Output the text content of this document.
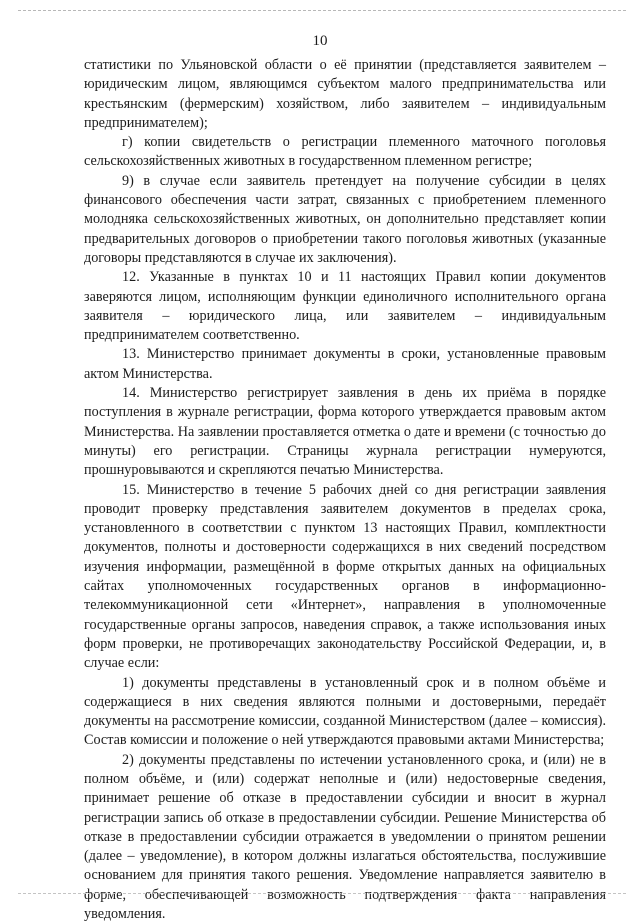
10

статистики по Ульяновской области о её принятии (представляется заявителем – юридическим лицом, являющимся субъектом малого предпринимательства или крестьянским (фермерским) хозяйством, либо заявителем – индивидуальным предпринимателем);

г) копии свидетельств о регистрации племенного маточного поголовья сельскохозяйственных животных в государственном племенном регистре;

9) в случае если заявитель претендует на получение субсидии в целях финансового обеспечения части затрат, связанных с приобретением племенного молодняка сельскохозяйственных животных, он дополнительно представляет копии предварительных договоров о приобретении такого поголовья животных (указанные договоры представляются в случае их заключения).

12. Указанные в пунктах 10 и 11 настоящих Правил копии документов заверяются лицом, исполняющим функции единоличного исполнительного органа заявителя – юридического лица, или заявителем – индивидуальным предпринимателем соответственно.

13. Министерство принимает документы в сроки, установленные правовым актом Министерства.

14. Министерство регистрирует заявления в день их приёма в порядке поступления в журнале регистрации, форма которого утверждается правовым актом Министерства. На заявлении проставляется отметка о дате и времени (с точностью до минуты) его регистрации. Страницы журнала регистрации нумеруются, прошнуровываются и скрепляются печатью Министерства.

15. Министерство в течение 5 рабочих дней со дня регистрации заявления проводит проверку представления заявителем документов в пределах срока, установленного в соответствии с пунктом 13 настоящих Правил, комплектности документов, полноты и достоверности содержащихся в них сведений посредством изучения информации, размещённой в форме открытых данных на официальных сайтах уполномоченных государственных органов в информационно-телекоммуникационной сети «Интернет», направления в уполномоченные государственные органы запросов, наведения справок, а также использования иных форм проверки, не противоречащих законодательству Российской Федерации, и, в случае если:

1) документы представлены в установленный срок и в полном объёме и содержащиеся в них сведения являются полными и достоверными, передаёт документы на рассмотрение комиссии, созданной Министерством (далее – комиссия). Состав комиссии и положение о ней утверждаются правовыми актами Министерства;

2) документы представлены по истечении установленного срока, и (или) не в полном объёме, и (или) содержат неполные и (или) недостоверные сведения, принимает решение об отказе в предоставлении субсидии и вносит в журнал регистрации запись об отказе в предоставлении субсидии. Решение Министерства об отказе в предоставлении субсидии отражается в уведомлении о принятом решении (далее – уведомление), в котором должны излагаться обстоятельства, послужившие основанием для принятия такого решения. Уведомление направляется заявителю в форме, обеспечивающей возможность подтверждения факта направления уведомления.
